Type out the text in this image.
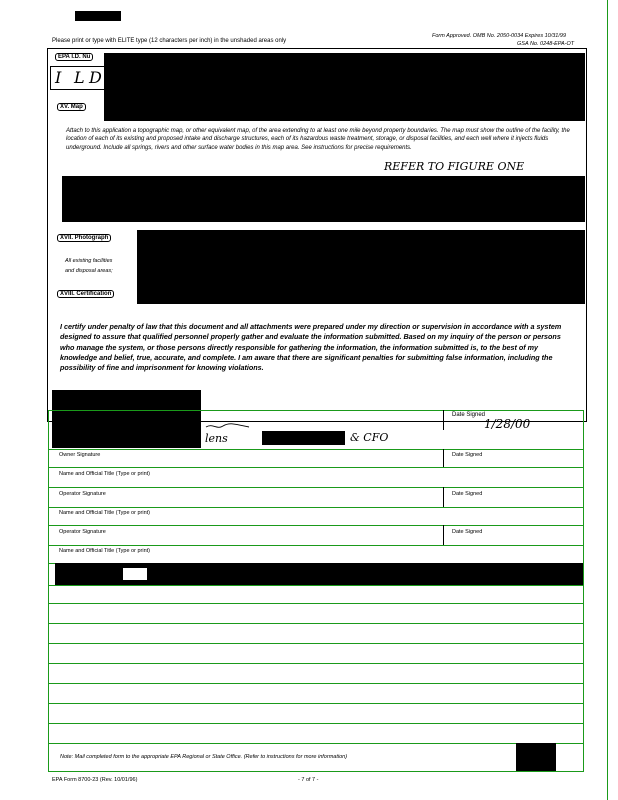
Please print or type with ELITE type (12 characters per inch) in the unshaded areas only
Form Approved. OMB No. 2050-0034 Expires 10/31/99
GSA No. 0248-EPA-OT
EPA I.D. Nu
I L D
XV. Map
Attach to this application a topographic map, or other equivalent map, of the area extending to at least one mile beyond property boundaries. The map must show the outline of the facility, the location of each of its existing and proposed intake and discharge structures, each of its hazardous waste treatment, storage, or disposal facilities, and each well where it injects fluids underground. Include all springs, rivers and other surface water bodies in this map area. See instructions for precise requirements.
REFER TO FIGURE ONE
XVII. Photograph
All existing facilities
and disposal areas;
XVIII. Certification
I certify under penalty of law that this document and all attachments were prepared under my direction or supervision in accordance with a system designed to assure that qualified personnel properly gather and evaluate the information submitted. Based on my inquiry of the person or persons who manage the system, or those persons directly responsible for gathering the information, the information submitted is, to the best of my knowledge and belief, true, accurate, and complete. I am aware that there are significant penalties for submitting false information, including the possibility of fine and imprisonment for knowing violations.
Date Signed
1/28/00
lens	& CFO
Owner Signature	Date Signed
Name and Official Title (Type or print)
Operator Signature	Date Signed
Name and Official Title (Type or print)
Operator Signature	Date Signed
Name and Official Title (Type or print)
Note: Mail completed form to the appropriate EPA Regional or State Office. (Refer to instructions for more information)
EPA Form 8700-23 (Rev. 10/01/96)	- 7 of 7 -
